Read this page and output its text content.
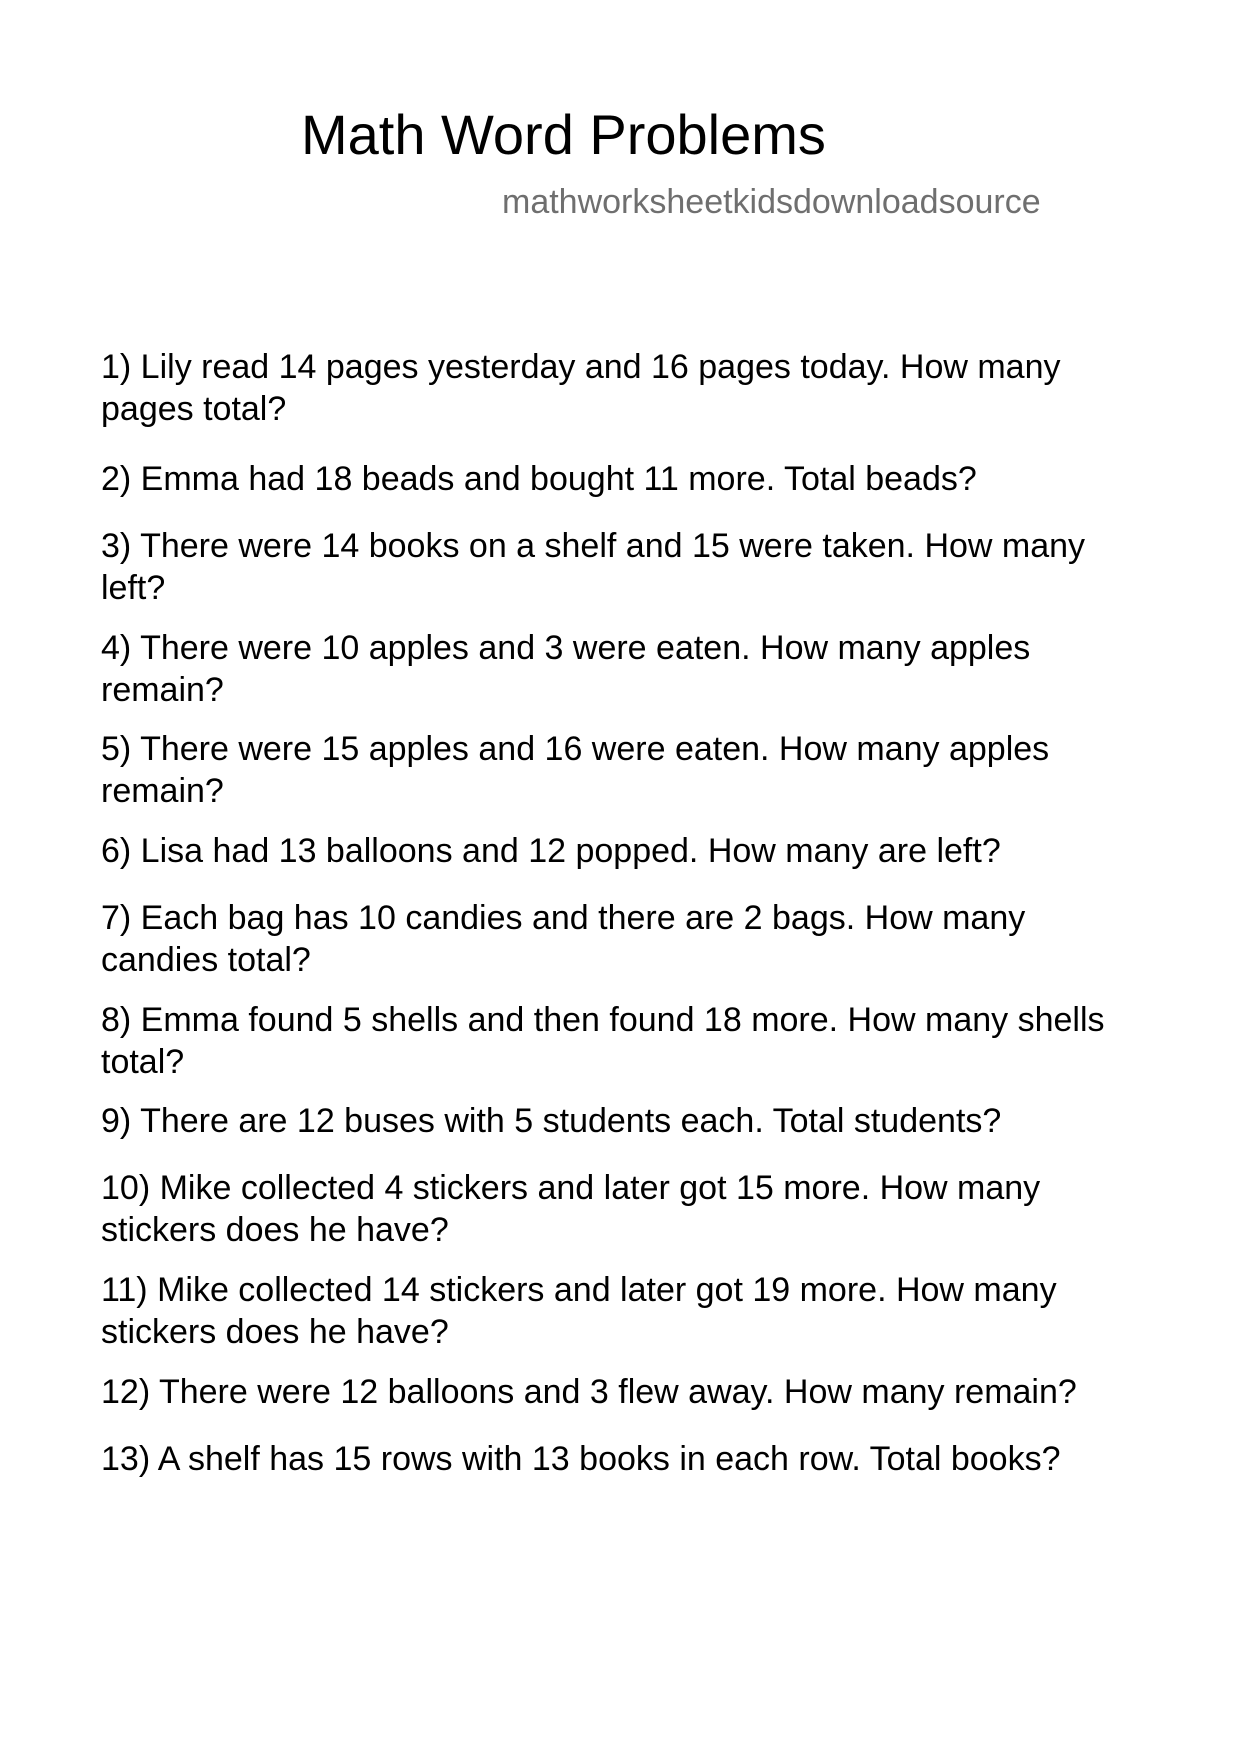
Math Word Problems
mathworksheetkidsdownloadsource

1) Lily read 14 pages yesterday and 16 pages today. How many pages total?

2) Emma had 18 beads and bought 11 more. Total beads?

3) There were 14 books on a shelf and 15 were taken. How many left?

4) There were 10 apples and 3 were eaten. How many apples remain?

5) There were 15 apples and 16 were eaten. How many apples remain?

6) Lisa had 13 balloons and 12 popped. How many are left?

7) Each bag has 10 candies and there are 2 bags. How many candies total?

8) Emma found 5 shells and then found 18 more. How many shells total?

9) There are 12 buses with 5 students each. Total students?

10) Mike collected 4 stickers and later got 15 more. How many stickers does he have?

11) Mike collected 14 stickers and later got 19 more. How many stickers does he have?

12) There were 12 balloons and 3 flew away. How many remain?

13) A shelf has 15 rows with 13 books in each row. Total books?
